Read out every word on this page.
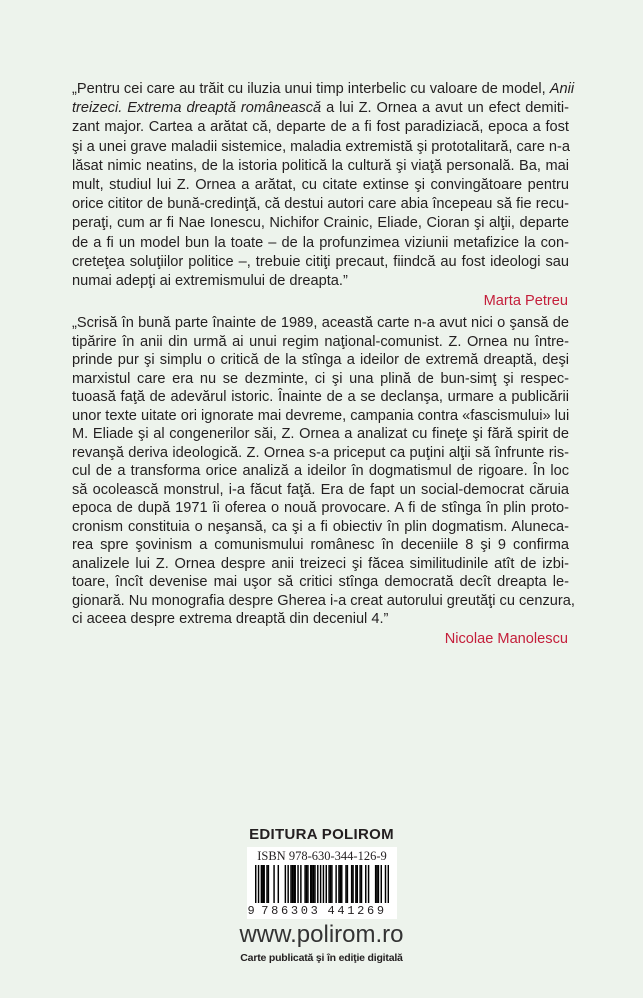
„Pentru cei care au trăit cu iluzia unui timp interbelic cu valoare de model, Anii
treizeci. Extrema dreaptă românească a lui Z. Ornea a avut un efect demiti-
zant major. Cartea a arătat că, departe de a fi fost paradiziacă, epoca a fost
şi a unei grave maladii sistemice, maladia extremistă şi prototalitară, care n-a
lăsat nimic neatins, de la istoria politică la cultură şi viaţă personală. Ba, mai
mult, studiul lui Z. Ornea a arătat, cu citate extinse şi convingătoare pentru
orice cititor de bună-credinţă, că destui autori care abia începeau să fie recu-
peraţi, cum ar fi Nae Ionescu, Nichifor Crainic, Eliade, Cioran şi alţii, departe
de a fi un model bun la toate – de la profunzimea viziunii metafizice la con-
creteţea soluţiilor politice –, trebuie citiţi precaut, fiindcă au fost ideologi sau
numai adepţi ai extremismului de dreapta.”
Marta Petreu
„Scrisă în bună parte înainte de 1989, această carte n-a avut nici o şansă de
tipărire în anii din urmă ai unui regim naţional-comunist. Z. Ornea nu între-
prinde pur şi simplu o critică de la stînga a ideilor de extremă dreaptă, deşi
marxistul care era nu se dezminte, ci şi una plină de bun-simţ şi respec-
tuoasă faţă de adevărul istoric. Înainte de a se declanşa, urmare a publicării
unor texte uitate ori ignorate mai devreme, campania contra «fascismului» lui
M. Eliade şi al congenerilor săi, Z. Ornea a analizat cu fineţe şi fără spirit de
revanşă deriva ideologică. Z. Ornea s-a priceput ca puţini alţii să înfrunte ris-
cul de a transforma orice analiză a ideilor în dogmatismul de rigoare. În loc
să ocolească monstrul, i-a făcut faţă. Era de fapt un social-democrat căruia
epoca de după 1971 îi oferea o nouă provocare. A fi de stînga în plin proto-
cronism constituia o neşansă, ca şi a fi obiectiv în plin dogmatism. Aluneca-
rea spre şovinism a comunismului românesc în deceniile 8 şi 9 confirma
analizele lui Z. Ornea despre anii treizeci şi făcea similitudinile atît de izbi-
toare, încît devenise mai uşor să critici stînga democrată decît dreapta le-
gionară. Nu monografia despre Gherea i-a creat autorului greutăţi cu cenzura,
ci aceea despre extrema dreaptă din deceniul 4.”
Nicolae Manolescu
EDITURA POLIROM
ISBN 978-630-344-126-9
9 7 8 6 3 0 3 4 4 1 2 6 9
www.polirom.ro
Carte publicată şi în ediţie digitală
